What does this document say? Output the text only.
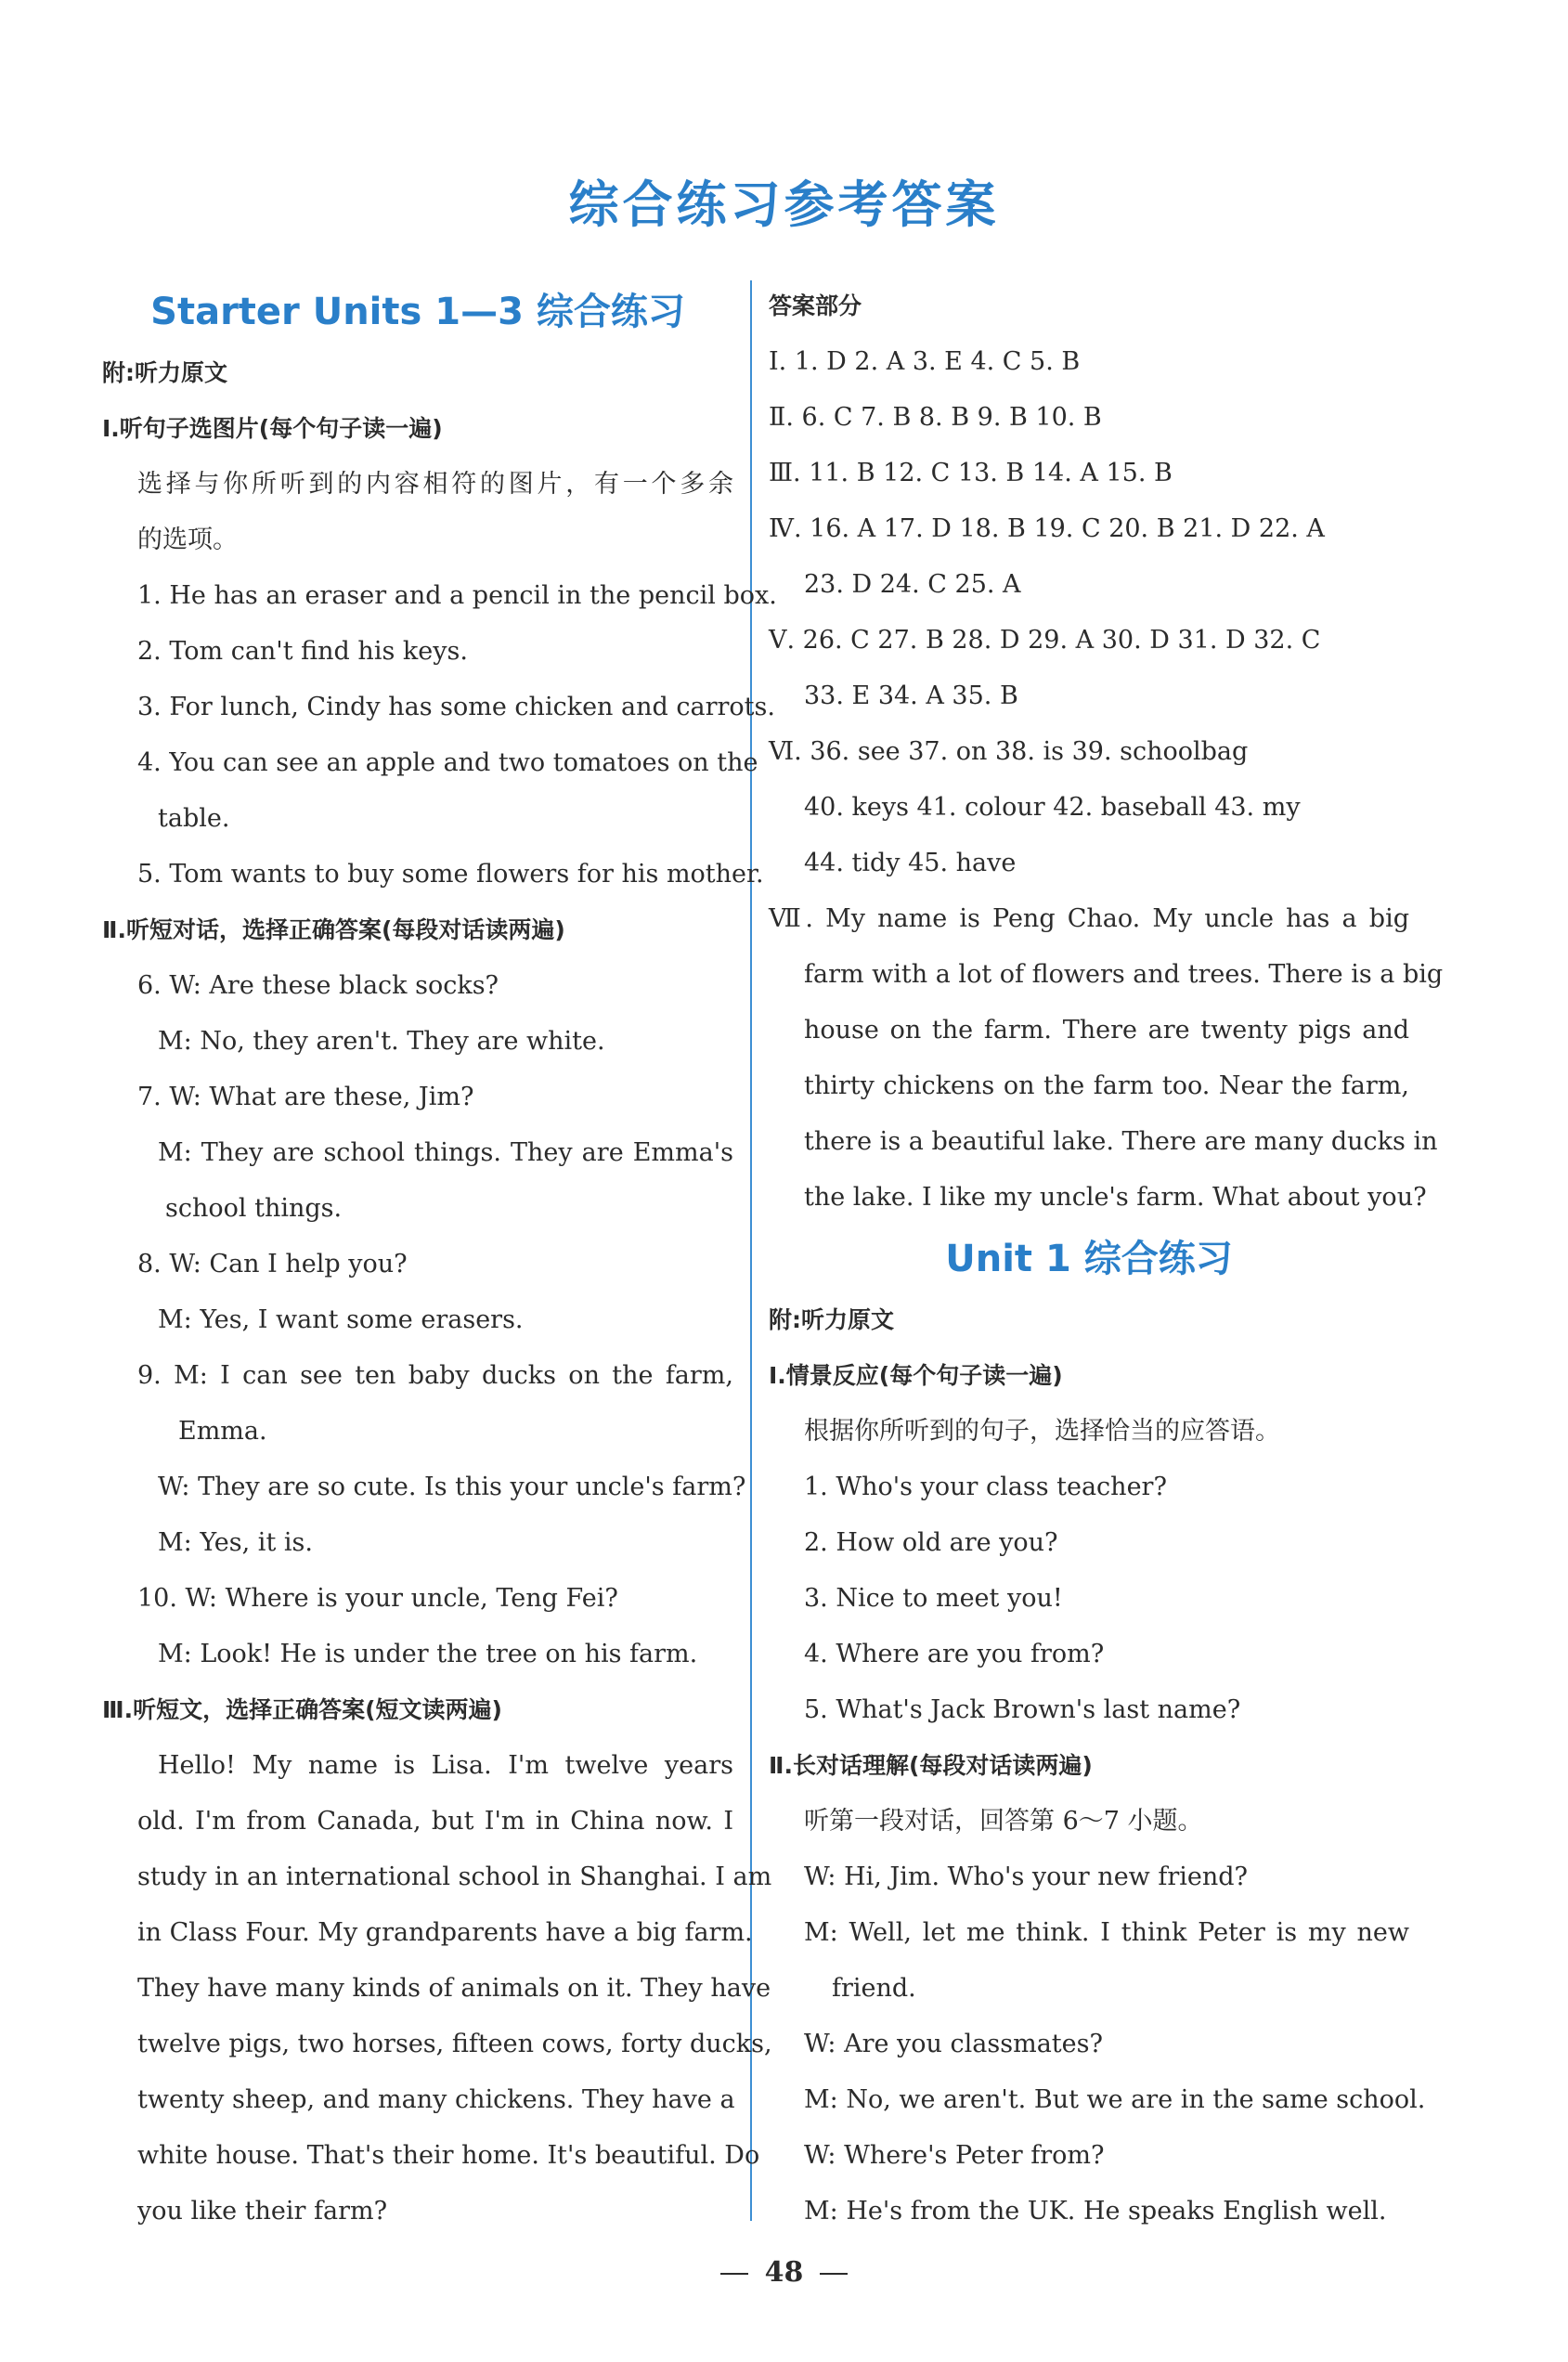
综合练习参考答案
Starter Units 1—3 综合练习
附:听力原文
Ⅰ.听句子选图片(每个句子读一遍)
选择与你所听到的内容相符的图片，有一个多余
的选项。
1. He has an eraser and a pencil in the pencil box.
2. Tom can't find his keys.
3. For lunch, Cindy has some chicken and carrots.
4. You can see an apple and two tomatoes on the
table.
5. Tom wants to buy some flowers for his mother.
Ⅱ.听短对话，选择正确答案(每段对话读两遍)
6. W: Are these black socks?
M: No, they aren't. They are white.
7. W: What are these, Jim?
M: They are school things. They are Emma's
school things.
8. W: Can I help you?
M: Yes, I want some erasers.
9. M: I can see ten baby ducks on the farm,
Emma.
W: They are so cute. Is this your uncle's farm?
M: Yes, it is.
10. W: Where is your uncle, Teng Fei?
M: Look! He is under the tree on his farm.
Ⅲ.听短文，选择正确答案(短文读两遍)
Hello! My name is Lisa. I'm twelve years
old. I'm from Canada, but I'm in China now. I
study in an international school in Shanghai. I am
in Class Four. My grandparents have a big farm.
They have many kinds of animals on it. They have
twelve pigs, two horses, fifteen cows, forty ducks,
twenty sheep, and many chickens. They have a
white house. That's their home. It's beautiful. Do
you like their farm?
答案部分
Ⅰ. 1. D 2. A 3. E 4. C 5. B
Ⅱ. 6. C 7. B 8. B 9. B 10. B
Ⅲ. 11. B 12. C 13. B 14. A 15. B
Ⅳ. 16. A 17. D 18. B 19. C 20. B 21. D 22. A
23. D 24. C 25. A
Ⅴ. 26. C 27. B 28. D 29. A 30. D 31. D 32. C
33. E 34. A 35. B
Ⅵ. 36. see 37. on 38. is 39. schoolbag
40. keys 41. colour 42. baseball 43. my
44. tidy 45. have
Ⅶ. My name is Peng Chao. My uncle has a big
farm with a lot of flowers and trees. There is a big
house on the farm. There are twenty pigs and
thirty chickens on the farm too. Near the farm,
there is a beautiful lake. There are many ducks in
the lake. I like my uncle's farm. What about you?
Unit 1 综合练习
附:听力原文
Ⅰ.情景反应(每个句子读一遍)
根据你所听到的句子，选择恰当的应答语。
1. Who's your class teacher?
2. How old are you?
3. Nice to meet you!
4. Where are you from?
5. What's Jack Brown's last name?
Ⅱ.长对话理解(每段对话读两遍)
听第一段对话，回答第 6～7 小题。
W: Hi, Jim. Who's your new friend?
M: Well, let me think. I think Peter is my new
friend.
W: Are you classmates?
M: No, we aren't. But we are in the same school.
W: Where's Peter from?
M: He's from the UK. He speaks English well.
48
